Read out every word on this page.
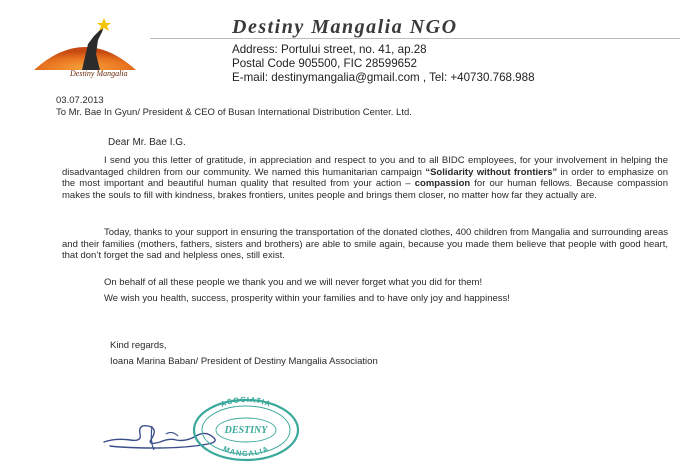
Destiny Mangalia
Destiny Mangalia NGO
Address: Portului street, no. 41, ap.28
Postal Code 905500, FIC 28599652
E-mail: destinymangalia@gmail.com , Tel: +40730.768.988
03.07.2013
To Mr. Bae In Gyun/ President & CEO of Busan International Distribution Center. Ltd.
Dear Mr. Bae I.G.

I send you this letter of gratitude, in appreciation and respect to you and to all BIDC employees, for your involvement in helping the disadvantaged children from our community. We named this humanitarian campaign “Solidarity without frontiers” in order to emphasize on the most important and beautiful human quality that resulted from your action – compassion for our human fellows. Because compassion makes the souls to fill with kindness, brakes frontiers, unites people and brings them closer, no matter how far they actually are.

Today, thanks to your support in ensuring the transportation of the donated clothes, 400 children from Mangalia and surrounding areas and their families (mothers, fathers, sisters and brothers) are able to smile again, because you made them believe that people with good heart, that don’t forget the sad and helpless ones, still exist.

On behalf of all these people we thank you and we will never forget what you did for them!

We wish you health, success, prosperity within your families and to have only joy and happiness!

Kind regards,
Ioana Marina Baban/ President of Destiny Mangalia Association
ASOCIATIA
DESTINY
MANGALIA
